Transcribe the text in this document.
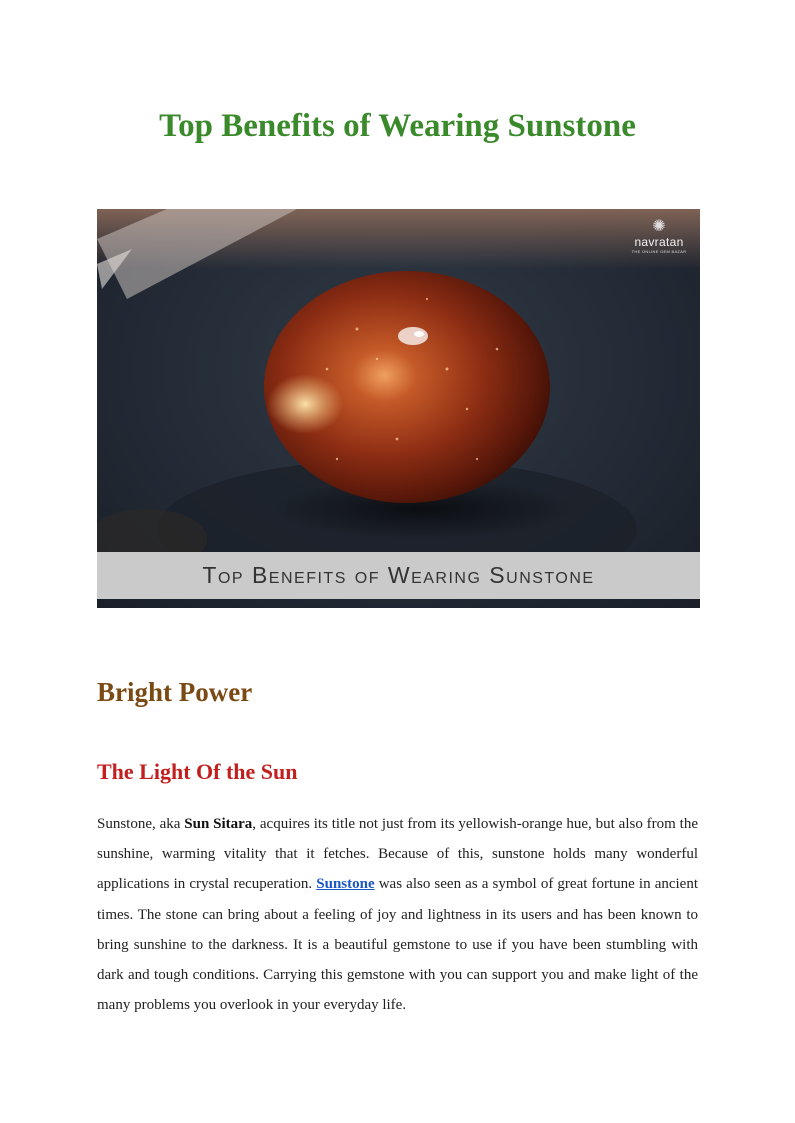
Top Benefits of Wearing Sunstone
✺
navratan
THE ONLINE GEM BAZAR
Top Benefits of Wearing Sunstone
Bright Power
The Light Of the Sun

Sunstone, aka Sun Sitara, acquires its title not just from its yellowish-orange hue, but also from the sunshine, warming vitality that it fetches. Because of this, sunstone holds many wonderful applications in crystal recuperation. Sunstone was also seen as a symbol of great fortune in ancient times. The stone can bring about a feeling of joy and lightness in its users and has been known to bring sunshine to the darkness. It is a beautiful gemstone to use if you have been stumbling with dark and tough conditions. Carrying this gemstone with you can support you and make light of the many problems you overlook in your everyday life.
